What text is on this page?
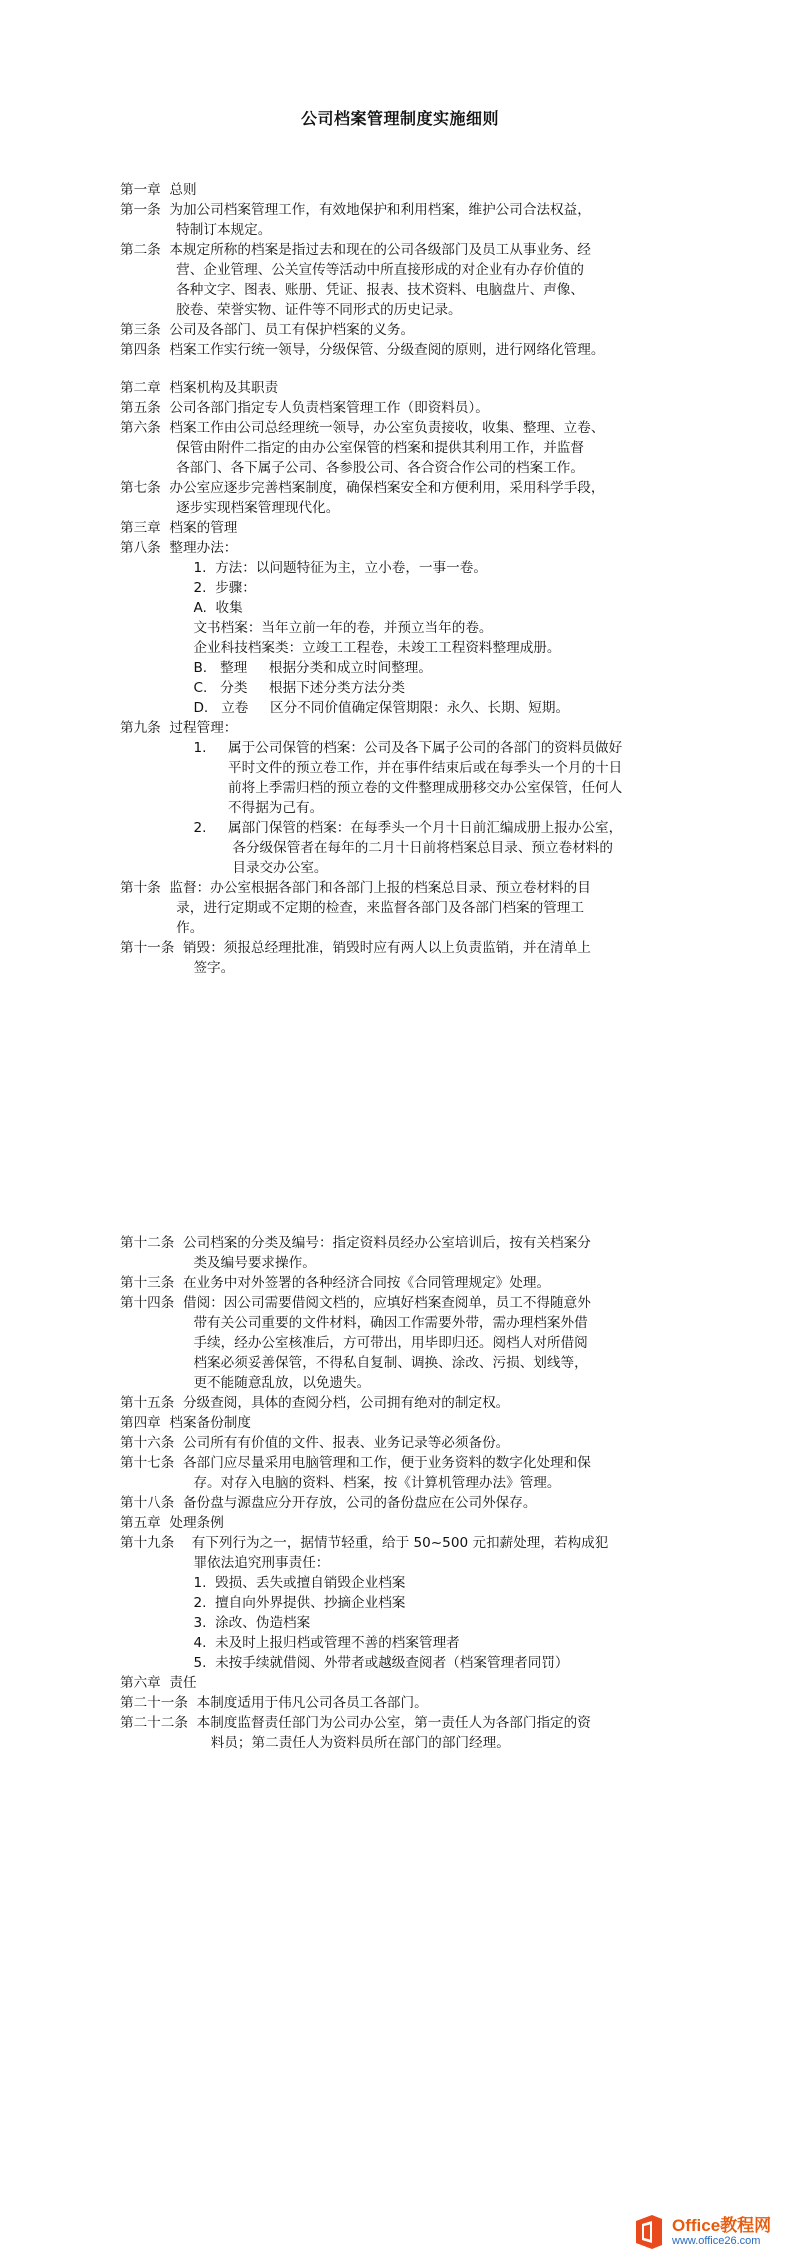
公司档案管理制度实施细则
第一章  总则
第一条  为加公司档案管理工作，有效地保护和利用档案，维护公司合法权益，
特制订本规定。
第二条  本规定所称的档案是指过去和现在的公司各级部门及员工从事业务、经
营、企业管理、公关宣传等活动中所直接形成的对企业有办存价值的
各种文字、图表、账册、凭证、报表、技术资料、电脑盘片、声像、
胶卷、荣誉实物、证件等不同形式的历史记录。
第三条  公司及各部门、员工有保护档案的义务。
第四条  档案工作实行统一领导，分级保管、分级查阅的原则，进行网络化管理。
第二章  档案机构及其职责
第五条  公司各部门指定专人负责档案管理工作（即资料员）。
第六条  档案工作由公司总经理统一领导，办公室负责接收，收集、整理、立卷、
保管由附件二指定的由办公室保管的档案和提供其利用工作，并监督
各部门、各下属子公司、各参股公司、各合资合作公司的档案工作。
第七条  办公室应逐步完善档案制度，确保档案安全和方便利用，采用科学手段，
逐步实现档案管理现代化。
第三章  档案的管理
第八条  整理办法：
1.  方法：以问题特征为主，立小卷，一事一卷。
2.  步骤：
A.  收集
文书档案：当年立前一年的卷，并预立当年的卷。
企业科技档案类：立竣工工程卷，未竣工工程资料整理成册。
B.   整理     根据分类和成立时间整理。
C.   分类     根据下述分类方法分类
D.   立卷     区分不同价值确定保管期限：永久、长期、短期。
第九条  过程管理：
1.     属于公司保管的档案：公司及各下属子公司的各部门的资料员做好
平时文件的预立卷工作，并在事件结束后或在每季头一个月的十日
前将上季需归档的预立卷的文件整理成册移交办公室保管，任何人
不得据为己有。
2.     属部门保管的档案：在每季头一个月十日前汇编成册上报办公室，
各分级保管者在每年的二月十日前将档案总目录、预立卷材料的
目录交办公室。
第十条  监督：办公室根据各部门和各部门上报的档案总目录、预立卷材料的目
录，进行定期或不定期的检查，来监督各部门及各部门档案的管理工
作。
第十一条  销毁：须报总经理批准，销毁时应有两人以上负责监销，并在清单上
签字。
第十二条  公司档案的分类及编号：指定资料员经办公室培训后，按有关档案分
类及编号要求操作。
第十三条  在业务中对外签署的各种经济合同按《合同管理规定》处理。
第十四条  借阅：因公司需要借阅文档的，应填好档案查阅单，员工不得随意外
带有关公司重要的文件材料，确因工作需要外带，需办理档案外借
手续，经办公室核准后，方可带出，用毕即归还。阅档人对所借阅
档案必须妥善保管，不得私自复制、调换、涂改、污损、划线等，
更不能随意乱放，以免遗失。
第十五条  分级查阅，具体的查阅分档，公司拥有绝对的制定权。
第四章  档案备份制度
第十六条  公司所有有价值的文件、报表、业务记录等必须备份。
第十七条  各部门应尽量采用电脑管理和工作，便于业务资料的数字化处理和保
存。对存入电脑的资料、档案，按《计算机管理办法》管理。
第十八条  备份盘与源盘应分开存放，公司的备份盘应在公司外保存。
第五章  处理条例
第十九条    有下列行为之一，据情节轻重，给于 50~500 元扣薪处理，若构成犯
罪依法追究刑事责任：
1.  毁损、丢失或擅自销毁企业档案
2.  擅自向外界提供、抄摘企业档案
3.  涂改、伪造档案
4.  未及时上报归档或管理不善的档案管理者
5.  未按手续就借阅、外带者或越级查阅者（档案管理者同罚）
第六章  责任
第二十一条  本制度适用于伟凡公司各员工各部门。
第二十二条  本制度监督责任部门为公司办公室，第一责任人为各部门指定的资
料员；第二责任人为资料员所在部门的部门经理。
Office教程网
www.office26.com
